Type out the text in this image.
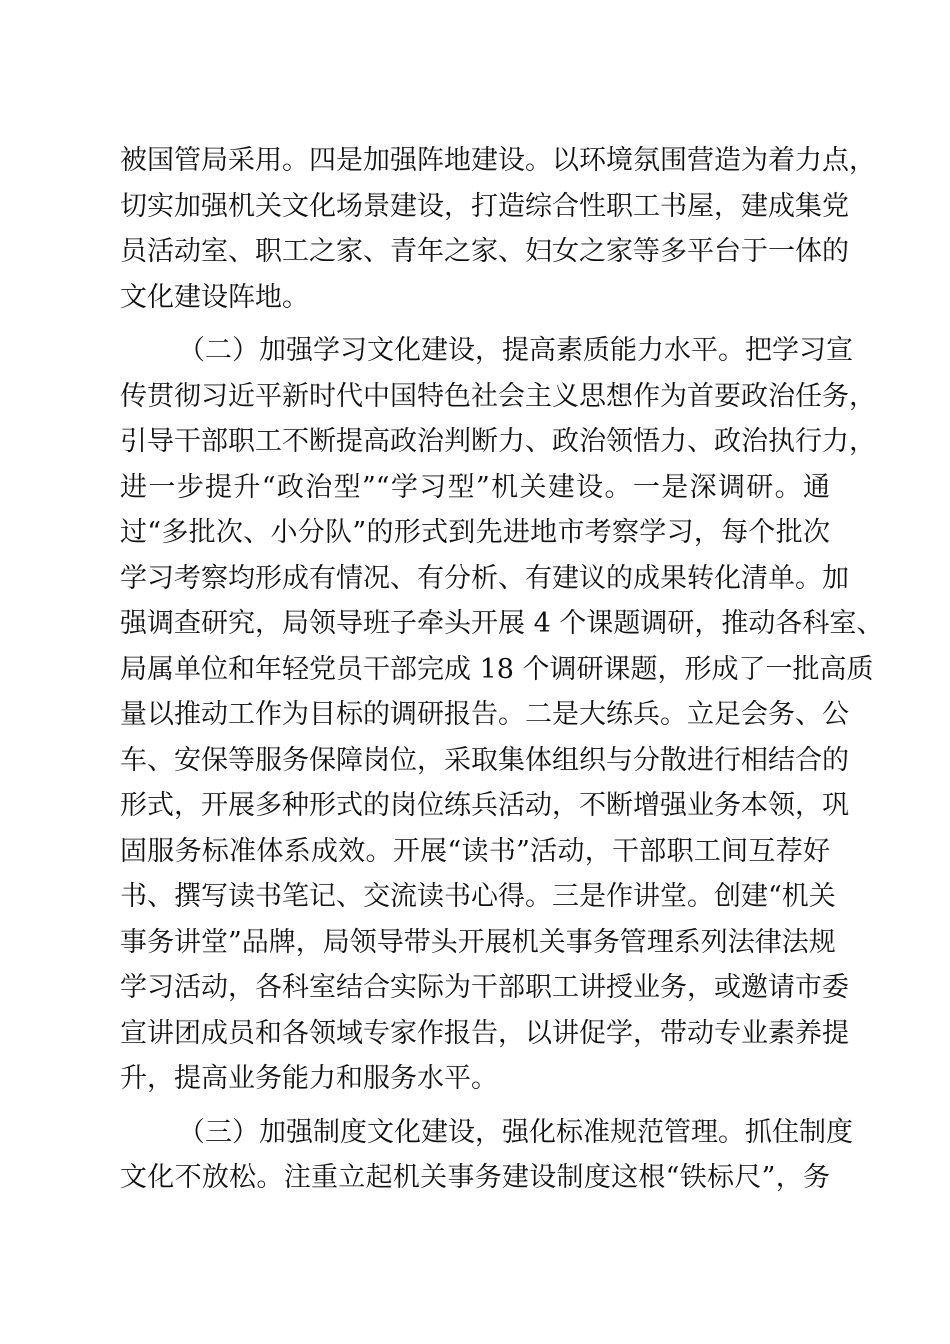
被国管局采用。四是加强阵地建设。以环境氛围营造为着力点，
切实加强机关文化场景建设，打造综合性职工书屋，建成集党
员活动室、职工之家、青年之家、妇女之家等多平台于一体的
文化建设阵地。
（二）加强学习文化建设，提高素质能力水平。把学习宣
传贯彻习近平新时代中国特色社会主义思想作为首要政治任务，
引导干部职工不断提高政治判断力、政治领悟力、政治执行力，
进一步提升“政治型”“学习型”机关建设。一是深调研。通
过“多批次、小分队”的形式到先进地市考察学习，每个批次
学习考察均形成有情况、有分析、有建议的成果转化清单。加
强调查研究，局领导班子牵头开展 4 个课题调研，推动各科室、
局属单位和年轻党员干部完成 18 个调研课题，形成了一批高质
量以推动工作为目标的调研报告。二是大练兵。立足会务、公
车、安保等服务保障岗位，采取集体组织与分散进行相结合的
形式，开展多种形式的岗位练兵活动，不断增强业务本领，巩
固服务标准体系成效。开展“读书”活动，干部职工间互荐好
书、撰写读书笔记、交流读书心得。三是作讲堂。创建“机关
事务讲堂”品牌，局领导带头开展机关事务管理系列法律法规
学习活动，各科室结合实际为干部职工讲授业务，或邀请市委
宣讲团成员和各领域专家作报告，以讲促学，带动专业素养提
升，提高业务能力和服务水平。
（三）加强制度文化建设，强化标准规范管理。抓住制度
文化不放松。注重立起机关事务建设制度这根“铁标尺”，务
